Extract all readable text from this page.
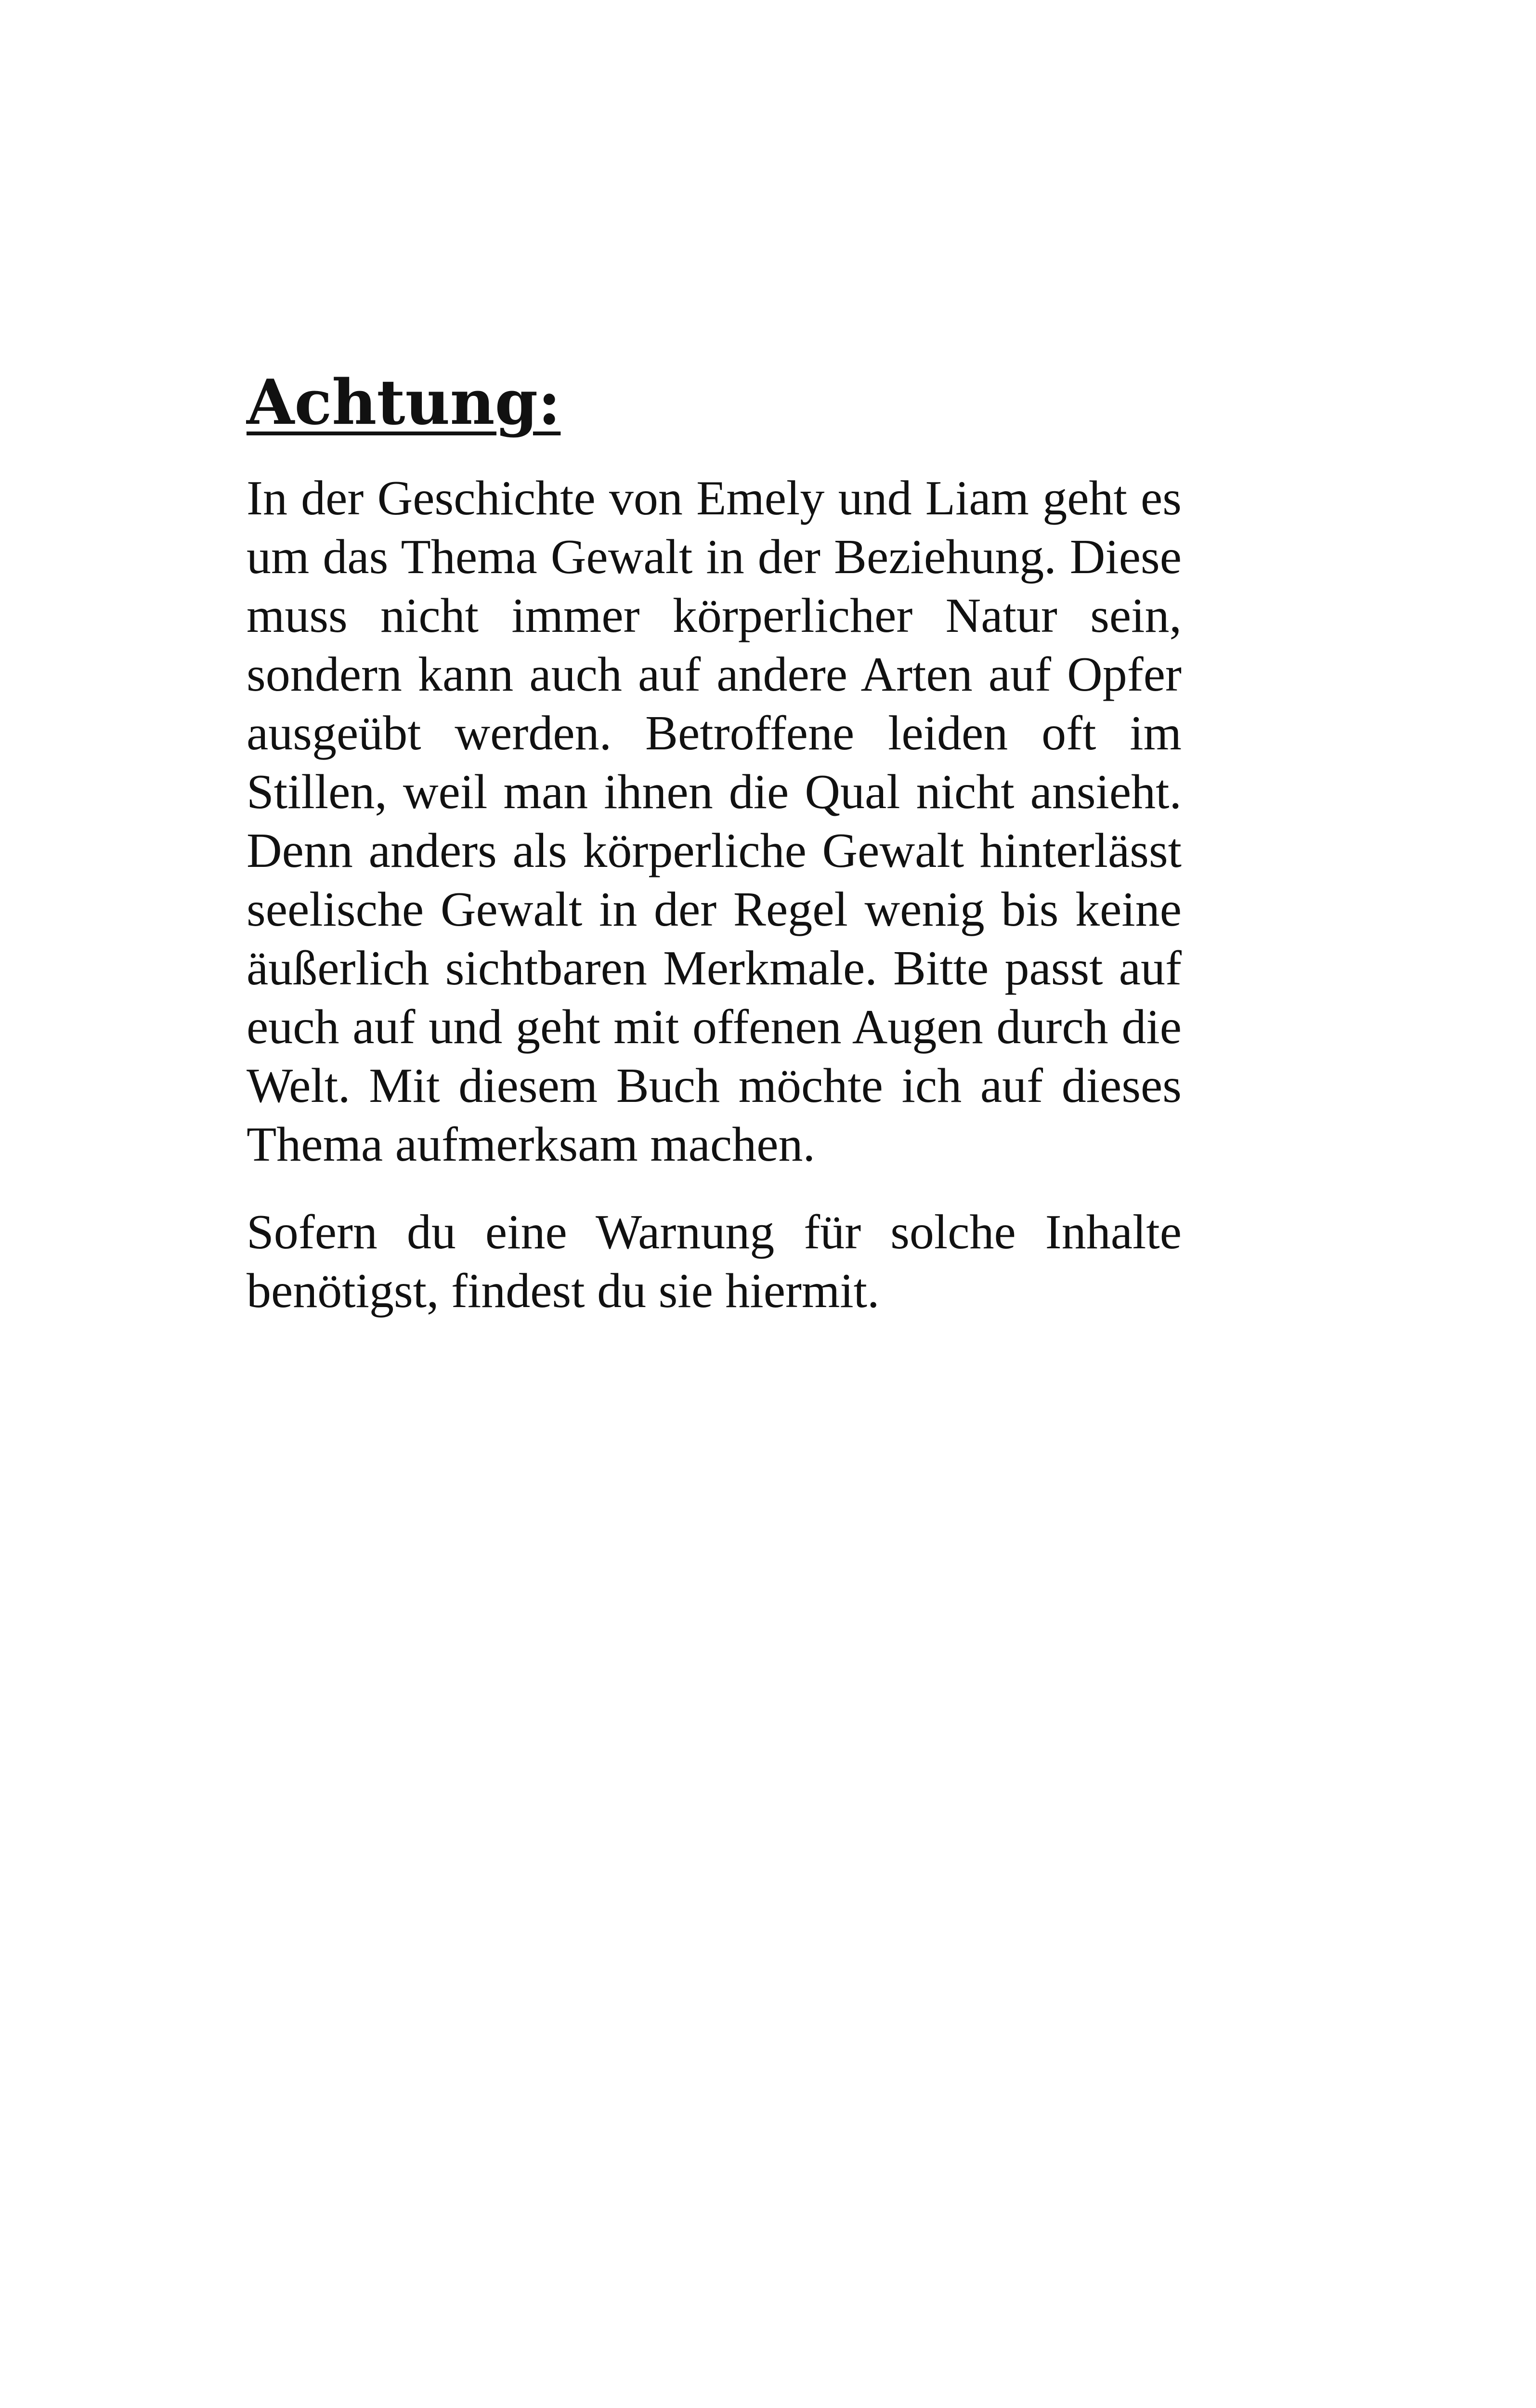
Achtung:

In der Geschichte von Emely und Liam geht es um das Thema Gewalt in der Beziehung. Diese muss nicht immer körperlicher Natur sein, sondern kann auch auf andere Arten auf Opfer ausgeübt werden. Betroffene leiden oft im Stillen, weil man ihnen die Qual nicht ansieht. Denn anders als körperliche Gewalt hinterlässt seelische Gewalt in der Regel wenig bis keine äußerlich sichtbaren Merkmale. Bitte passt auf euch auf und geht mit offenen Augen durch die Welt. Mit diesem Buch möchte ich auf dieses Thema aufmerksam machen.

Sofern du eine Warnung für solche Inhalte benötigst, findest du sie hiermit.
